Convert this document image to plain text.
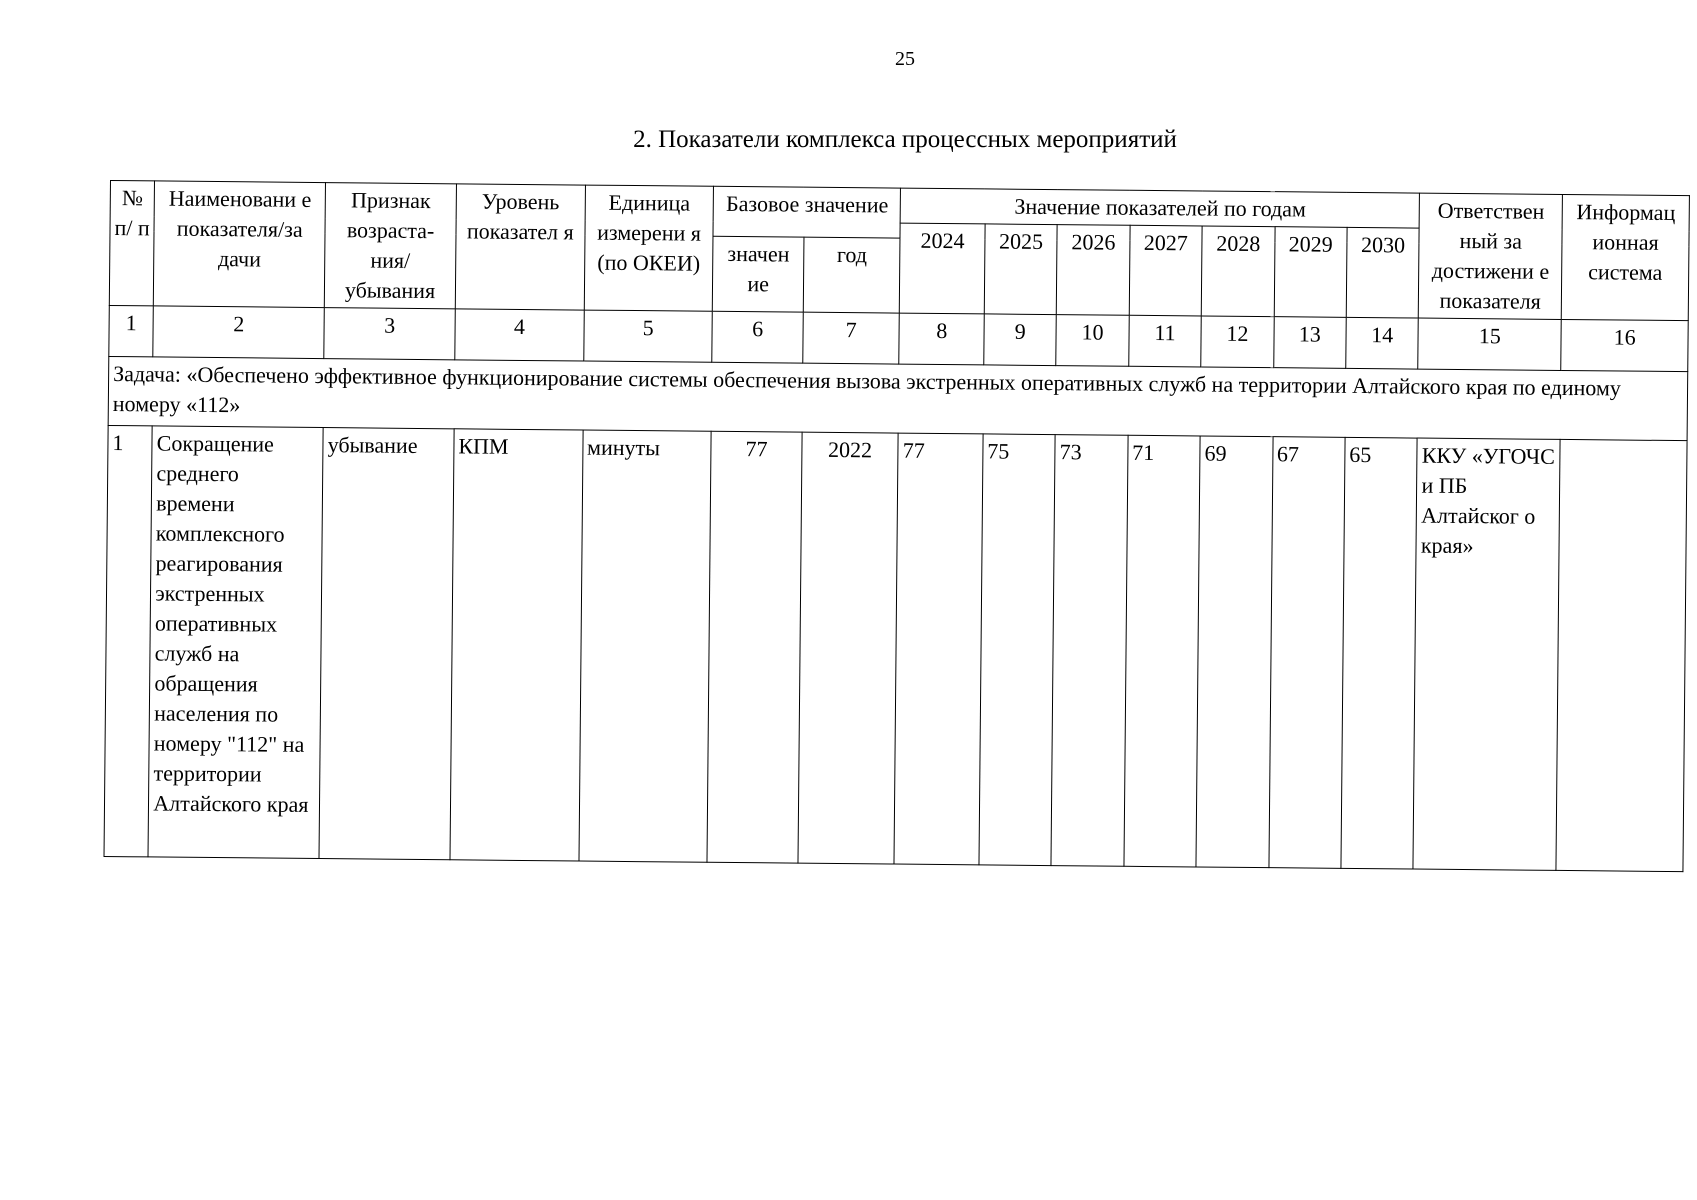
25
2. Показатели комплекса процессных мероприятий
№ п/ п	Наименовани е показателя/за дачи	Признак возраста- ния/ убывания	Уровень показател я	Единица измерени я (по ОКЕИ)	Базовое значение		Значение показателей по годам							Ответствен ный за достижени е показателя	Информац ионная система
							2024	2025	2026	2027	2028	2029	2030		
					значен ие	год									
1	2	3	4	5	6	7	8	9	10	11	12	13	14	15	16
Задача: «Обеспечено эффективное функционирование системы обеспечения вызова экстренных оперативных служб на территории Алтайского края по единому номеру «112»															
1	Сокращение среднего времени комплексного реагирования экстренных оперативных служб на обращения населения по номеру "112" на территории Алтайского края	убывание	КПМ	минуты	77	2022	77	75	73	71	69	67	65	ККУ «УГОЧС и ПБ Алтайског о края»	
